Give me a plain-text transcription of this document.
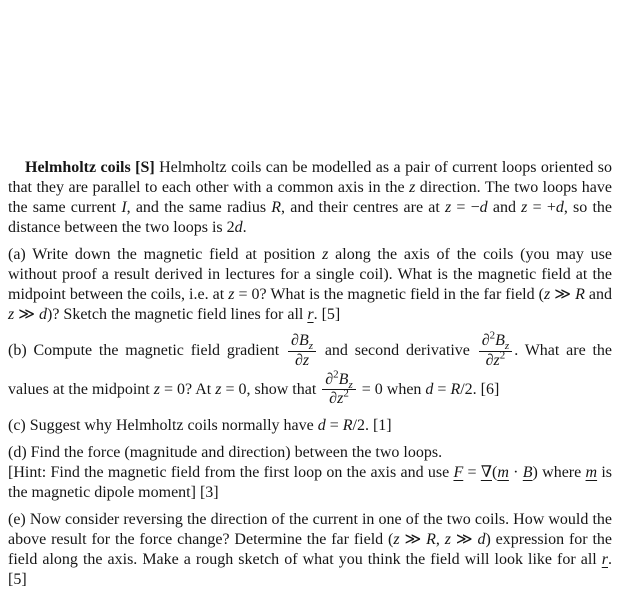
Helmholtz coils [S] Helmholtz coils can be modelled as a pair of current loops oriented so that they are parallel to each other with a common axis in the z direction. The two loops have the same current I, and the same radius R, and their centres are at z = −d and z = +d, so the distance between the two loops is 2d.

(a) Write down the magnetic field at position z along the axis of the coils (you may use without proof a result derived in lectures for a single coil). What is the magnetic field at the midpoint between the coils, i.e. at z = 0? What is the magnetic field in the far field (z ≫ R and z ≫ d)? Sketch the magnetic field lines for all r. [5]

(b) Compute the magnetic field gradient $\frac{\partial B_z}{\partial z}$ and second derivative $\frac{\partial^2B_z}{\partial z^2}$ . What are the values at the midpoint z = 0? At z = 0, show that $\frac{\partial^2B_z}{\partial z^2} = 0$ when d = R/2. [6]

(c) Suggest why Helmholtz coils normally have d = R/2. [1]

(d) Find the force (magnitude and direction) between the two loops.
[Hint: Find the magnetic field from the first loop on the axis and use F = ∇(m · B) where m is the magnetic dipole moment] [3]

(e) Now consider reversing the direction of the current in one of the two coils. How would the above result for the force change? Determine the far field (z ≫ R, z ≫ d) expression for the field along the axis. Make a rough sketch of what you think the field will look like for all r. [5]
